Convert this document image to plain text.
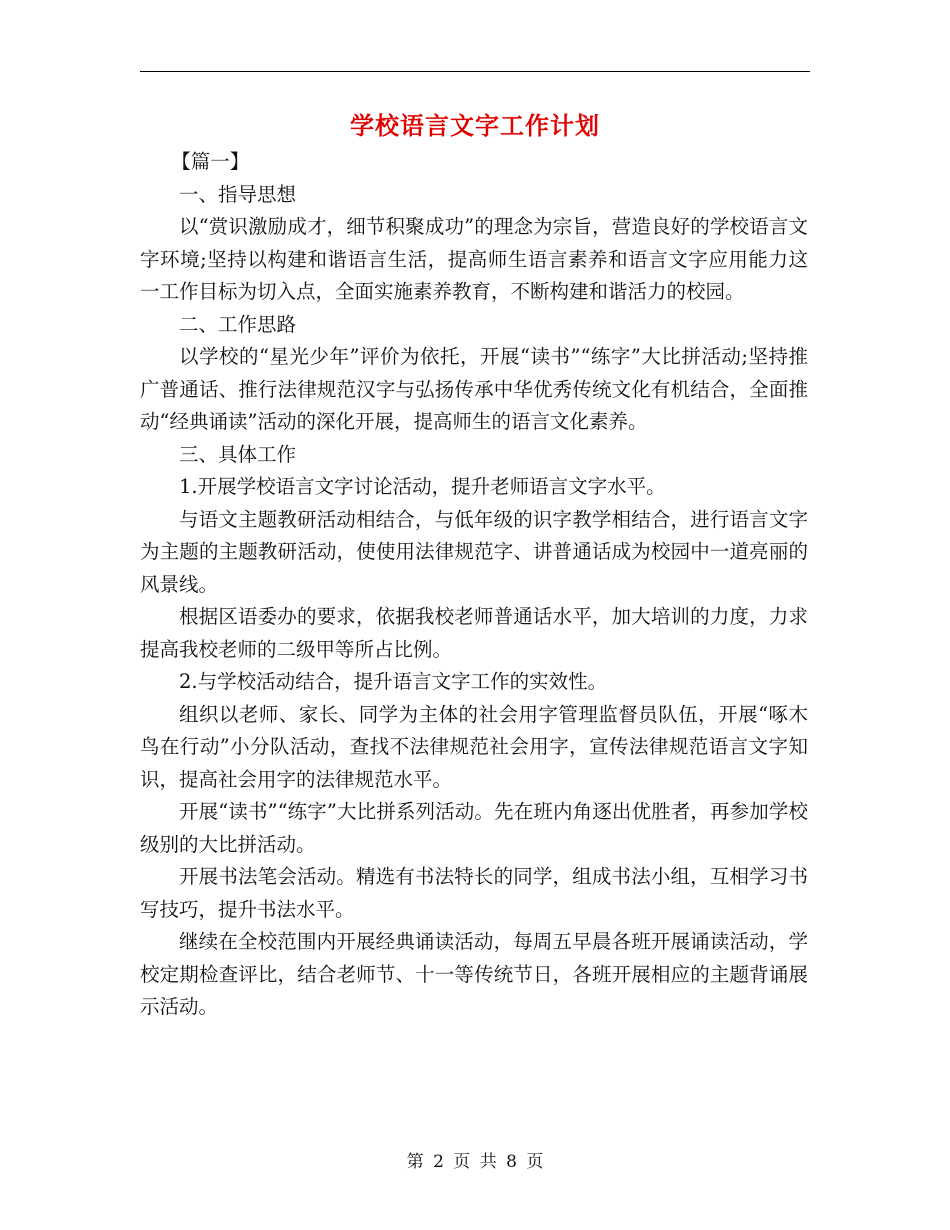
学校语言文字工作计划

【篇一】

一、指导思想

以“赏识激励成才，细节积聚成功”的理念为宗旨，营造良好的学校语言文字环境;坚持以构建和谐语言生活，提高师生语言素养和语言文字应用能力这一工作目标为切入点，全面实施素养教育，不断构建和谐活力的校园。

二、工作思路

以学校的“星光少年”评价为依托，开展“读书”“练字”大比拼活动;坚持推广普通话、推行法律规范汉字与弘扬传承中华优秀传统文化有机结合，全面推动“经典诵读”活动的深化开展，提高师生的语言文化素养。

三、具体工作

1.开展学校语言文字讨论活动，提升老师语言文字水平。

与语文主题教研活动相结合，与低年级的识字教学相结合，进行语言文字为主题的主题教研活动，使使用法律规范字、讲普通话成为校园中一道亮丽的风景线。

根据区语委办的要求，依据我校老师普通话水平，加大培训的力度，力求提高我校老师的二级甲等所占比例。

2.与学校活动结合，提升语言文字工作的实效性。

组织以老师、家长、同学为主体的社会用字管理监督员队伍，开展“啄木鸟在行动”小分队活动，查找不法律规范社会用字，宣传法律规范语言文字知识，提高社会用字的法律规范水平。

开展“读书”“练字”大比拼系列活动。先在班内角逐出优胜者，再参加学校级别的大比拼活动。

开展书法笔会活动。精选有书法特长的同学，组成书法小组，互相学习书写技巧，提升书法水平。

继续在全校范围内开展经典诵读活动，每周五早晨各班开展诵读活动，学校定期检查评比，结合老师节、十一等传统节日，各班开展相应的主题背诵展示活动。

第 2 页 共 8 页
